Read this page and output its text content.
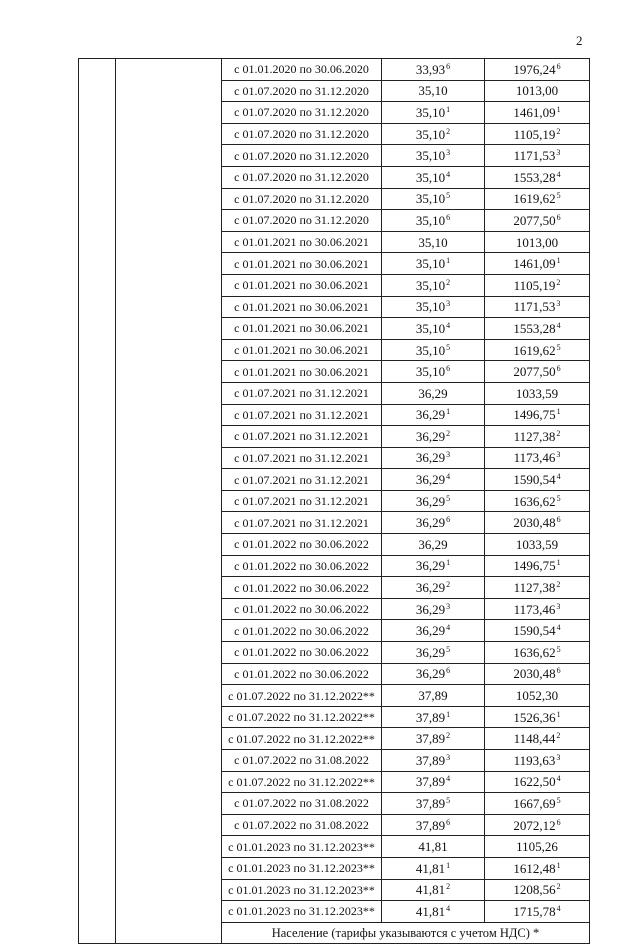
2
		с 01.01.2020 по 30.06.2020	33,93$^6$	1976,24$^6$
		с 01.07.2020 по 31.12.2020	35,10	1013,00
		с 01.07.2020 по 31.12.2020	35,10$^1$	1461,09$^1$
		с 01.07.2020 по 31.12.2020	35,10$^2$	1105,19$^2$
		с 01.07.2020 по 31.12.2020	35,10$^3$	1171,53$^3$
		с 01.07.2020 по 31.12.2020	35,10$^4$	1553,28$^4$
		с 01.07.2020 по 31.12.2020	35,10$^5$	1619,62$^5$
		с 01.07.2020 по 31.12.2020	35,10$^6$	2077,50$^6$
		с 01.01.2021 по 30.06.2021	35,10	1013,00
		с 01.01.2021 по 30.06.2021	35,10$^1$	1461,09$^1$
		с 01.01.2021 по 30.06.2021	35,10$^2$	1105,19$^2$
		с 01.01.2021 по 30.06.2021	35,10$^3$	1171,53$^3$
		с 01.01.2021 по 30.06.2021	35,10$^4$	1553,28$^4$
		с 01.01.2021 по 30.06.2021	35,10$^5$	1619,62$^5$
		с 01.01.2021 по 30.06.2021	35,10$^6$	2077,50$^6$
		с 01.07.2021 по 31.12.2021	36,29	1033,59
		с 01.07.2021 по 31.12.2021	36,29$^1$	1496,75$^1$
		с 01.07.2021 по 31.12.2021	36,29$^2$	1127,38$^2$
		с 01.07.2021 по 31.12.2021	36,29$^3$	1173,46$^3$
		с 01.07.2021 по 31.12.2021	36,29$^4$	1590,54$^4$
		с 01.07.2021 по 31.12.2021	36,29$^5$	1636,62$^5$
		с 01.07.2021 по 31.12.2021	36,29$^6$	2030,48$^6$
		с 01.01.2022 по 30.06.2022	36,29	1033,59
		с 01.01.2022 по 30.06.2022	36,29$^1$	1496,75$^1$
		с 01.01.2022 по 30.06.2022	36,29$^2$	1127,38$^2$
		с 01.01.2022 по 30.06.2022	36,29$^3$	1173,46$^3$
		с 01.01.2022 по 30.06.2022	36,29$^4$	1590,54$^4$
		с 01.01.2022 по 30.06.2022	36,29$^5$	1636,62$^5$
		с 01.01.2022 по 30.06.2022	36,29$^6$	2030,48$^6$
		с 01.07.2022 по 31.12.2022**	37,89	1052,30
		с 01.07.2022 по 31.12.2022**	37,89$^1$	1526,36$^1$
		с 01.07.2022 по 31.12.2022**	37,89$^2$	1148,44$^2$
		с 01.07.2022 по 31.08.2022	37,89$^3$	1193,63$^3$
		с 01.07.2022 по 31.12.2022**	37,89$^4$	1622,50$^4$
		с 01.07.2022 по 31.08.2022	37,89$^5$	1667,69$^5$
		с 01.07.2022 по 31.08.2022	37,89$^6$	2072,12$^6$
		с 01.01.2023 по 31.12.2023**	41,81	1105,26
		с 01.01.2023 по 31.12.2023**	41,81$^1$	1612,48$^1$
		с 01.01.2023 по 31.12.2023**	41,81$^2$	1208,56$^2$
		с 01.01.2023 по 31.12.2023**	41,81$^4$	1715,78$^4$
		Население (тарифы указываются с учетом НДС) *		
